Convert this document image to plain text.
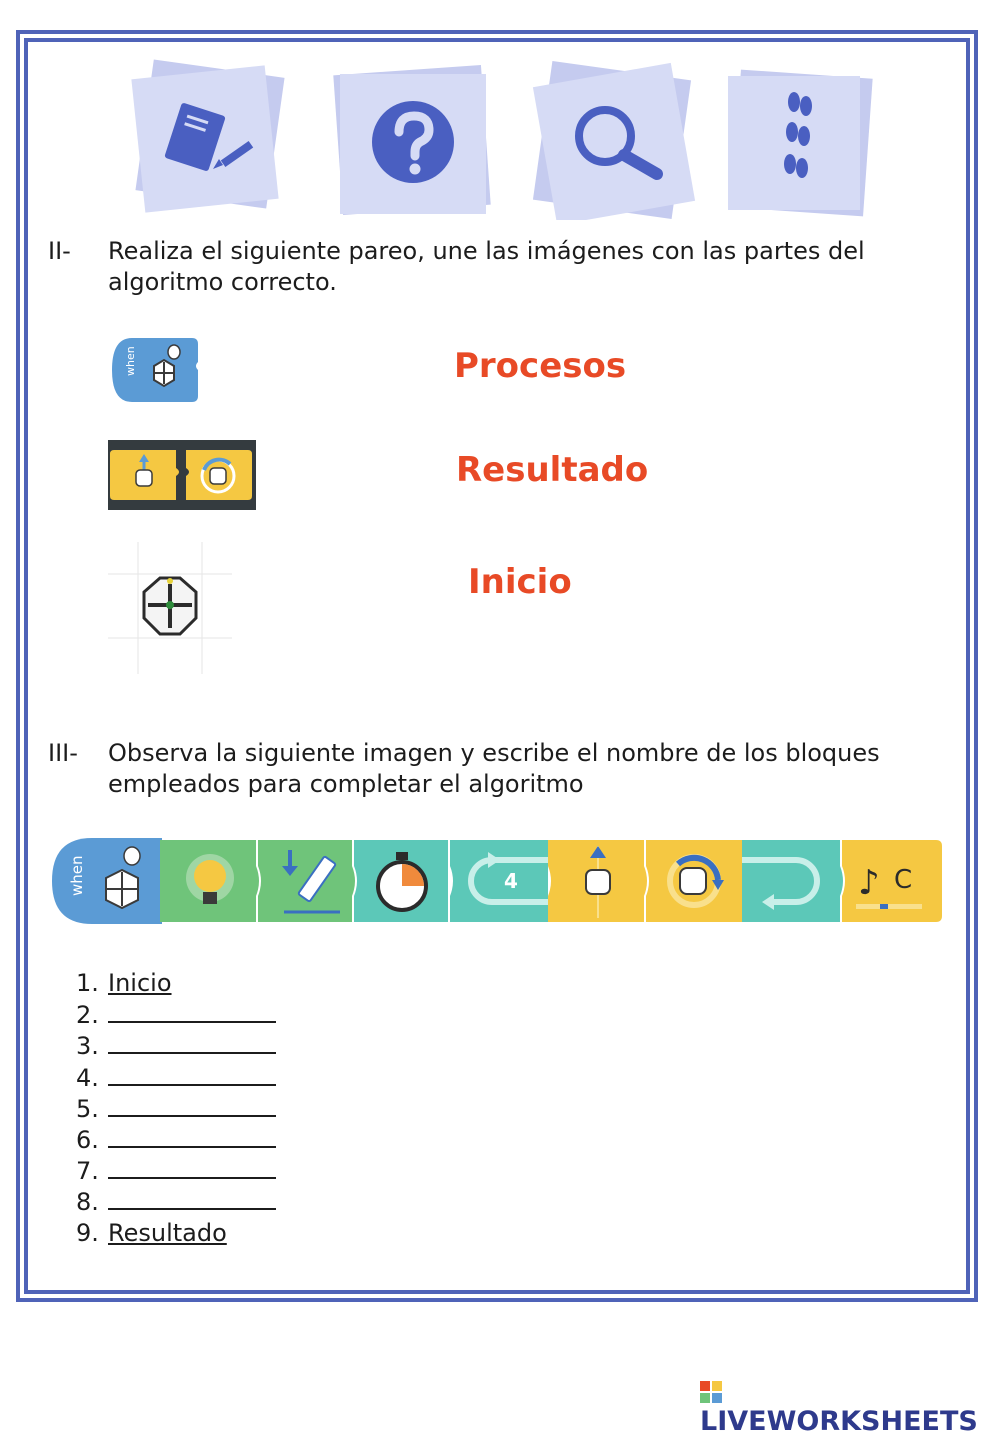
II- Realiza el siguiente pareo, une las imágenes con las partes del algoritmo correcto.
when	Procesos
Resultado
Inicio
III- Observa la siguiente imagen y escribe el nombre de los bloques empleados para completar el algoritmo
when	4	♪ C
1. Inicio
2.
3.
4.
5.
6.
7.
8.
9. Resultado
LIVEWORKSHEETS
